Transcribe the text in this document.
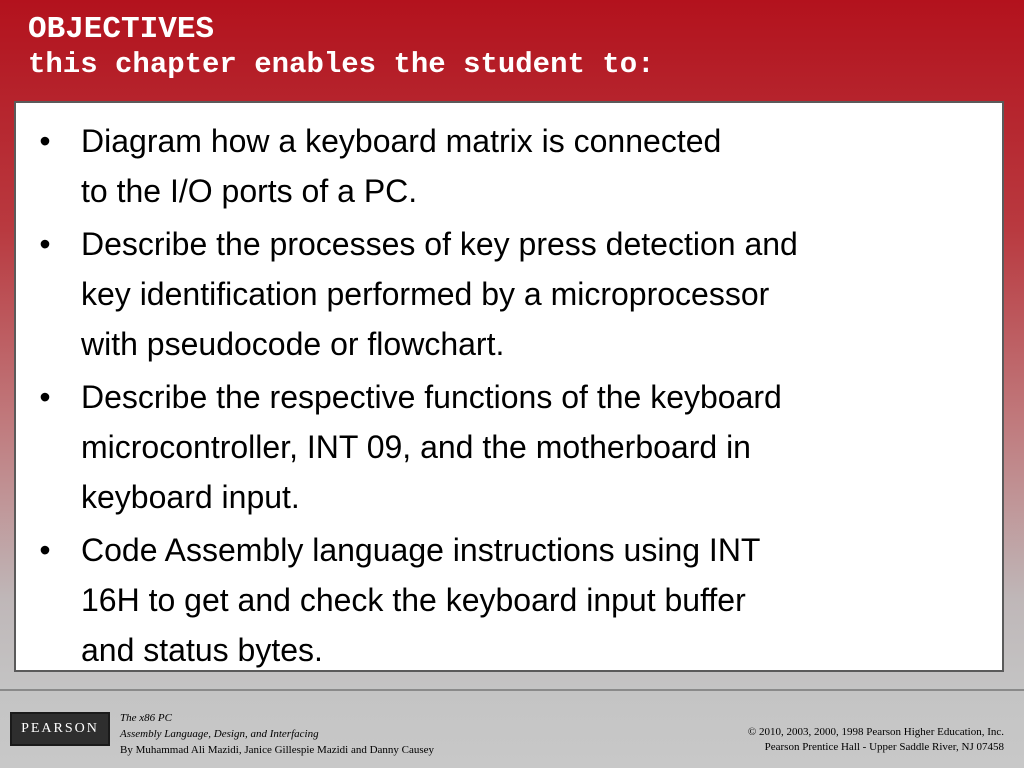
OBJECTIVES
this chapter enables the student to:
• Diagram how a keyboard matrix is connected
to the I/O ports of a PC.
• Describe the processes of key press detection and
key identification performed by a microprocessor
with pseudocode or flowchart.
• Describe the respective functions of the keyboard
microcontroller, INT 09, and the motherboard in
keyboard input.
• Code Assembly language instructions using INT
16H to get and check the keyboard input buffer
and status bytes.
PEARSON
The x86 PC
Assembly Language, Design, and Interfacing
By Muhammad Ali Mazidi, Janice Gillespie Mazidi and Danny Causey
© 2010, 2003, 2000, 1998 Pearson Higher Education, Inc.
Pearson Prentice Hall - Upper Saddle River, NJ 07458
